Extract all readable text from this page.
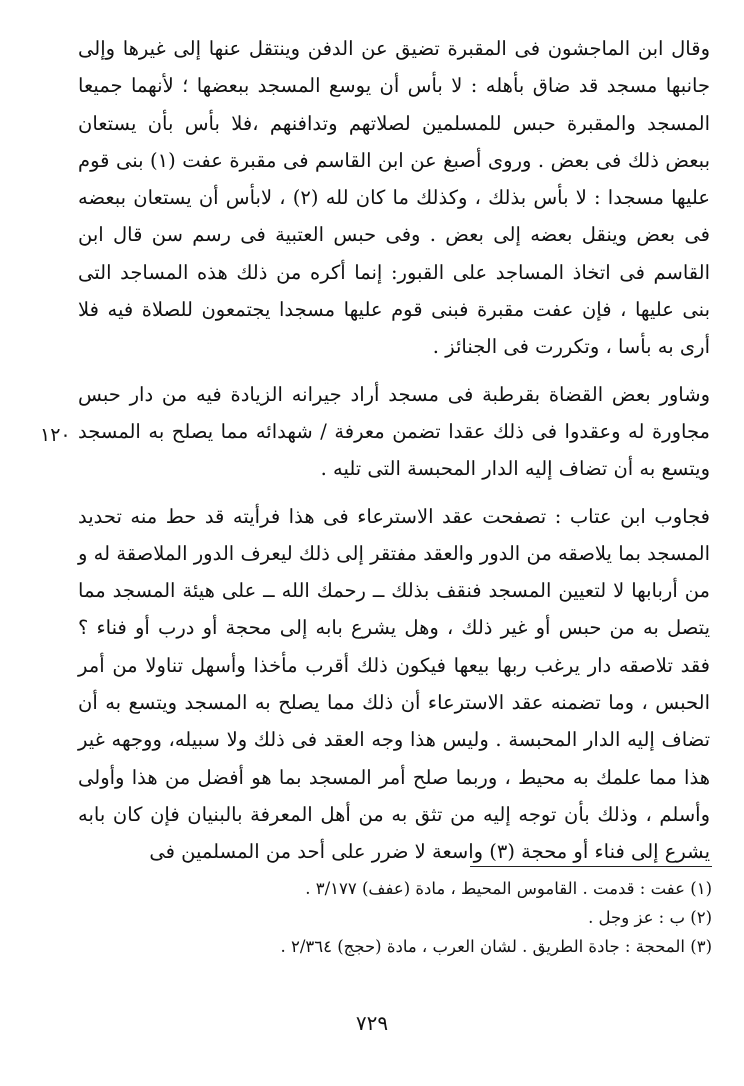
وقال ابن الماجشون فى المقبرة تضيق عن الدفن وينتقل عنها إلى غيرها وإلى جانبها مسجد قد ضاق بأهله : لا بأس أن يوسع المسجد ببعضها ؛ لأنهما جميعا المسجد والمقبرة حبس للمسلمين لصلاتهم وتدافنهم ،فلا بأس بأن يستعان ببعض ذلك فى بعض . وروى أصبغ عن ابن القاسم فى مقبرة عفت (١) بنى قوم عليها مسجدا : لا بأس بذلك ، وكذلك ما كان لله (٢) ، لابأس أن يستعان ببعضه فى بعض وينقل بعضه إلى بعض . وفى حبس العتبية فى رسم سن قال ابن القاسم فى اتخاذ المساجد على القبور: إنما أكره من ذلك هذه المساجد التى بنى عليها ، فإن عفت مقبرة فبنى قوم عليها مسجدا يجتمعون للصلاة فيه فلا أرى به بأسا ، وتكررت فى الجنائز .

وشاور بعض القضاة بقرطبة فى مسجد أراد جيرانه الزيادة فيه من دار حبس مجاورة له وعقدوا فى ذلك عقدا تضمن معرفة / شهدائه مما يصلح به المسجد ويتسع به أن تضاف إليه الدار المحبسة التى تليه .

فجاوب ابن عتاب : تصفحت عقد الاسترعاء فى هذا فرأيته قد حط منه تحديد المسجد بما يلاصقه من الدور والعقد مفتقر إلى ذلك ليعرف الدور الملاصقة له و من أربابها لا لتعيين المسجد فنقف بذلك ــ رحمك الله ــ على هيئة المسجد مما يتصل به من حبس أو غير ذلك ، وهل يشرع بابه إلى محجة أو درب أو فناء ؟ فقد تلاصقه دار يرغب ربها بيعها فيكون ذلك أقرب مأخذا وأسهل تناولا من أمر الحبس ، وما تضمنه عقد الاسترعاء أن ذلك مما يصلح به المسجد ويتسع به أن تضاف إليه الدار المحبسة . وليس هذا وجه العقد فى ذلك ولا سبيله، ووجهه غير هذا مما علمك به محيط ، وربما صلح أمر المسجد بما هو أفضل من هذا وأولى وأسلم ، وذلك بأن توجه إليه من تثق به من أهل المعرفة بالبنيان فإن كان بابه يشرع إلى فناء أو محجة (٣) واسعة لا ضرر على أحد من المسلمين فى

١٢٠

(١) عفت : قدمت . القاموس المحيط ، مادة (عفف) ٣/١٧٧ .

(٢) ب : عز وجل .

(٣) المحجة : جادة الطريق . لشان العرب ، مادة (حجج) ٢/٣٦٤ .

٧٢٩
